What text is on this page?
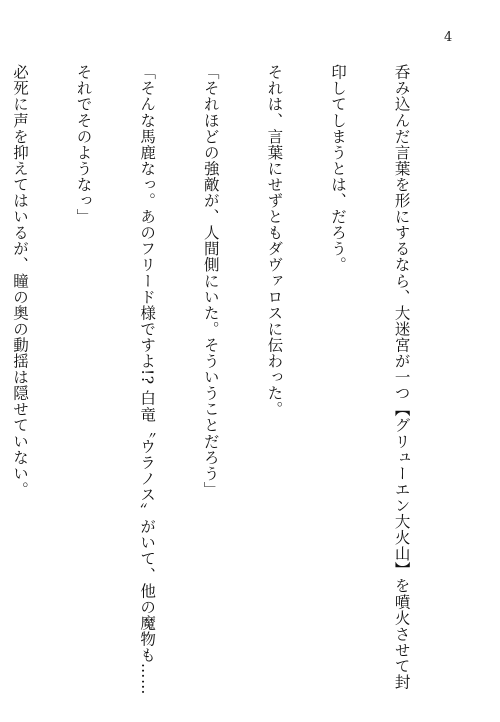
4

呑み込んだ言葉を形にするなら、大迷宮が一つ【グリューエン大火山】を噴火させて封

印してしまうとは、だろう。

それは、言葉にせずともダヴァロスに伝わった。

「それほどの強敵が、人間側にいた。そういうことだろう」

「そんな馬鹿なっ。あのフリード様ですよ!? 白竜〝ウラノス〟がいて、他の魔物も……

それでそのようなっ」

必死に声を抑えてはいるが、瞳の奥の動揺は隠せていない。
